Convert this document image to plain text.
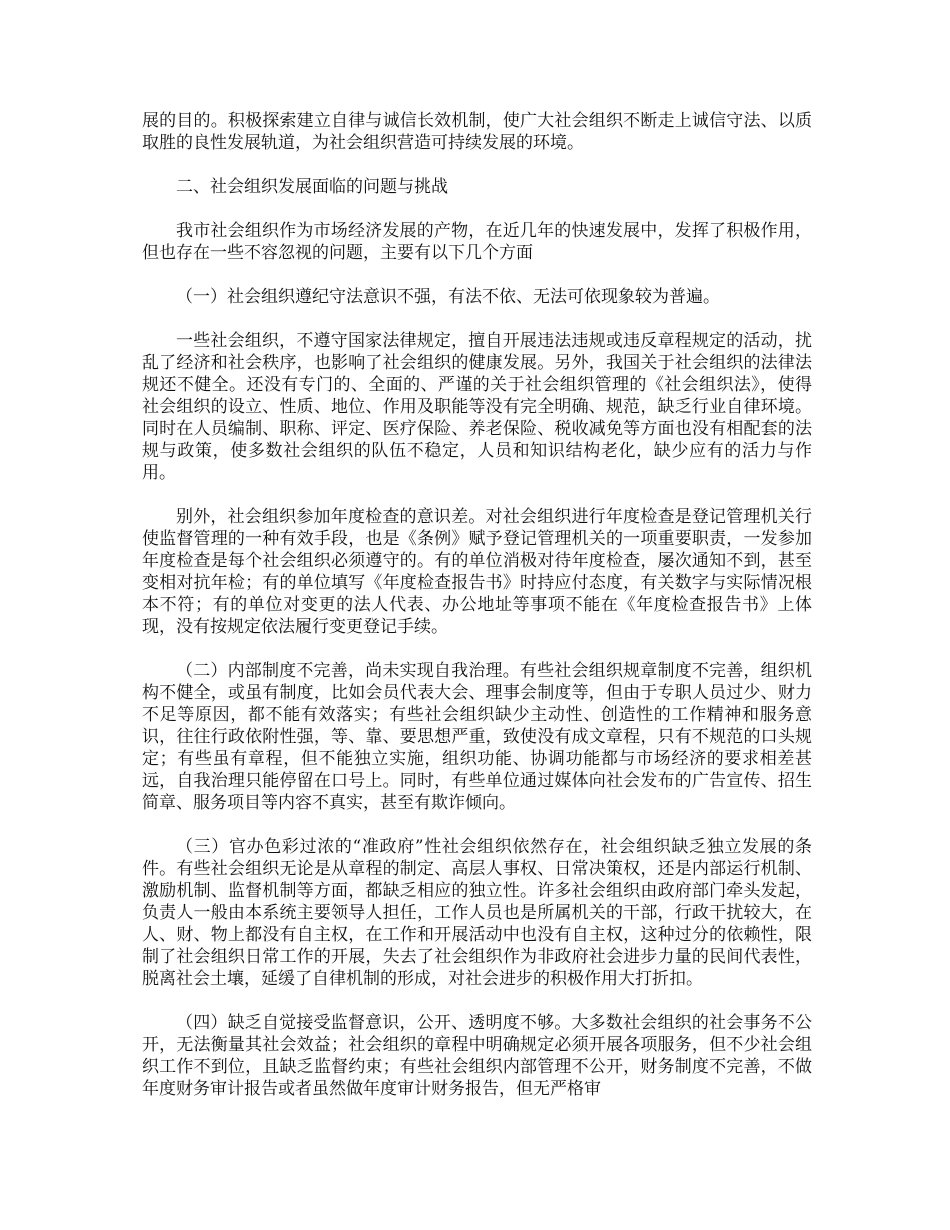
展的目的。积极探索建立自律与诚信长效机制，使广大社会组织不断走上诚信守法、以质取胜的良性发展轨道，为社会组织营造可持续发展的环境。

二、社会组织发展面临的问题与挑战

我市社会组织作为市场经济发展的产物，在近几年的快速发展中，发挥了积极作用，但也存在一些不容忽视的问题，主要有以下几个方面

（一）社会组织遵纪守法意识不强，有法不依、无法可依现象较为普遍。

一些社会组织，不遵守国家法律规定，擅自开展违法违规或违反章程规定的活动，扰乱了经济和社会秩序，也影响了社会组织的健康发展。另外，我国关于社会组织的法律法规还不健全。还没有专门的、全面的、严谨的关于社会组织管理的《社会组织法》，使得社会组织的设立、性质、地位、作用及职能等没有完全明确、规范，缺乏行业自律环境。同时在人员编制、职称、评定、医疗保险、养老保险、税收减免等方面也没有相配套的法规与政策，使多数社会组织的队伍不稳定，人员和知识结构老化，缺少应有的活力与作用。

别外，社会组织参加年度检查的意识差。对社会组织进行年度检查是登记管理机关行使监督管理的一种有效手段，也是《条例》赋予登记管理机关的一项重要职责，一发参加年度检查是每个社会组织必须遵守的。有的单位消极对待年度检查，屡次通知不到，甚至变相对抗年检；有的单位填写《年度检查报告书》时持应付态度，有关数字与实际情况根本不符；有的单位对变更的法人代表、办公地址等事项不能在《年度检查报告书》上体现，没有按规定依法履行变更登记手续。

（二）内部制度不完善，尚未实现自我治理。有些社会组织规章制度不完善，组织机构不健全，或虽有制度，比如会员代表大会、理事会制度等，但由于专职人员过少、财力不足等原因，都不能有效落实；有些社会组织缺少主动性、创造性的工作精神和服务意识，往往行政依附性强，等、靠、要思想严重，致使没有成文章程，只有不规范的口头规定；有些虽有章程，但不能独立实施，组织功能、协调功能都与市场经济的要求相差甚远，自我治理只能停留在口号上。同时，有些单位通过媒体向社会发布的广告宣传、招生简章、服务项目等内容不真实，甚至有欺诈倾向。

（三）官办色彩过浓的“准政府”性社会组织依然存在，社会组织缺乏独立发展的条件。有些社会组织无论是从章程的制定、高层人事权、日常决策权，还是内部运行机制、激励机制、监督机制等方面，都缺乏相应的独立性。许多社会组织由政府部门牵头发起，负责人一般由本系统主要领导人担任，工作人员也是所属机关的干部，行政干扰较大，在人、财、物上都没有自主权，在工作和开展活动中也没有自主权，这种过分的依赖性，限制了社会组织日常工作的开展，失去了社会组织作为非政府社会进步力量的民间代表性，脱离社会土壤，延缓了自律机制的形成，对社会进步的积极作用大打折扣。

（四）缺乏自觉接受监督意识，公开、透明度不够。大多数社会组织的社会事务不公开，无法衡量其社会效益；社会组织的章程中明确规定必须开展各项服务，但不少社会组织工作不到位，且缺乏监督约束；有些社会组织内部管理不公开，财务制度不完善，不做年度财务审计报告或者虽然做年度审计财务报告，但无严格审
